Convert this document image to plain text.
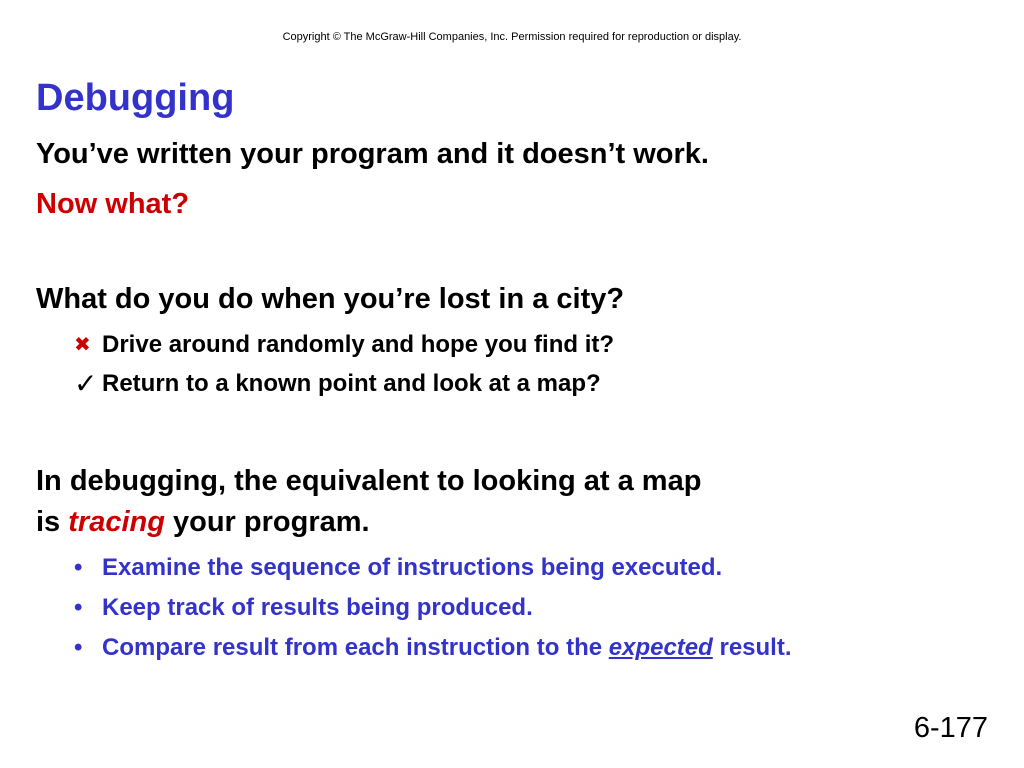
Copyright © The McGraw-Hill Companies, Inc. Permission required for reproduction or display.
Debugging
You’ve written your program and it doesn’t work.
Now what?
What do you do when you’re lost in a city?
✖ Drive around randomly and hope you find it?
✓ Return to a known point and look at a map?
In debugging, the equivalent to looking at a map
is tracing your program.
• Examine the sequence of instructions being executed.
• Keep track of results being produced.
• Compare result from each instruction to the expected result.
6-177
